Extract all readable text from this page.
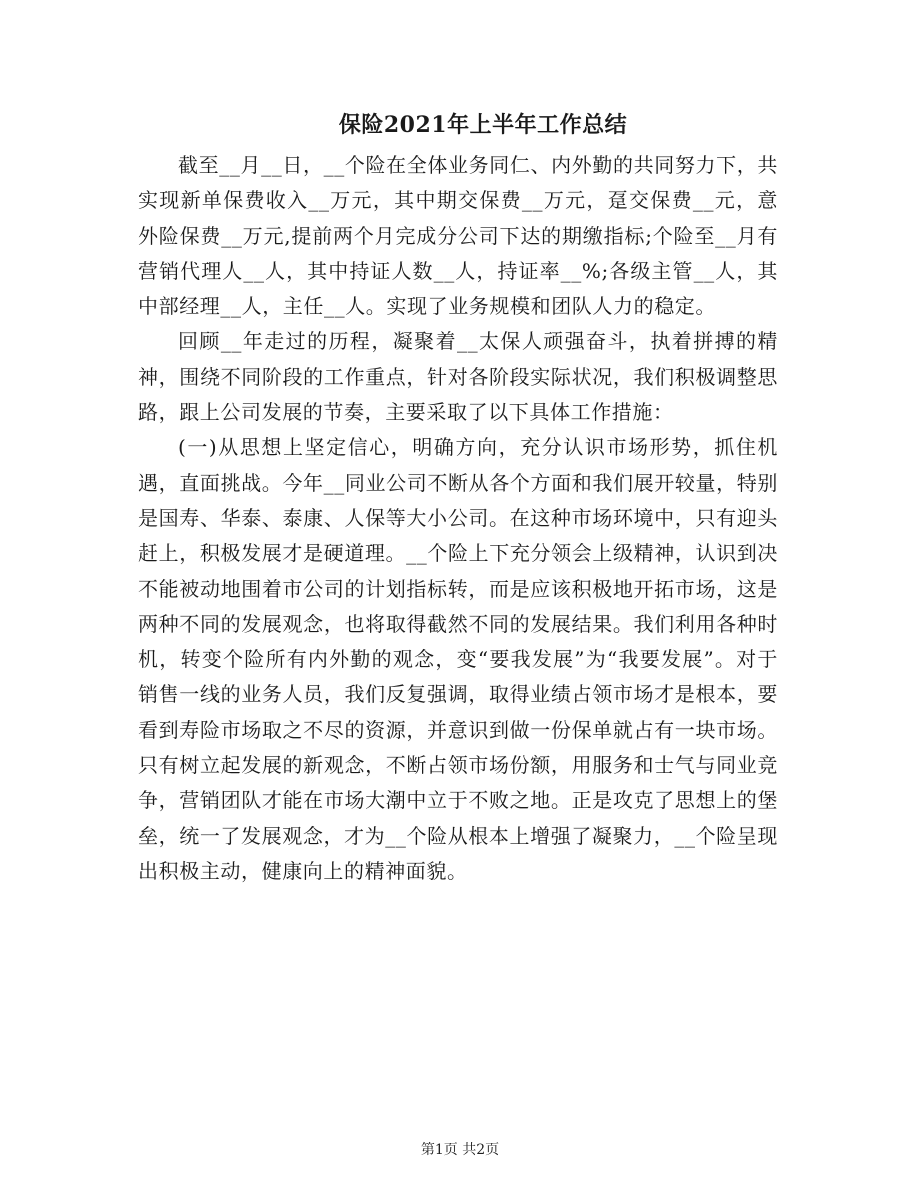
保险2021年上半年工作总结

截至__月__日，__个险在全体业务同仁、内外勤的共同努力下，共实现新单保费收入__万元，其中期交保费__万元，趸交保费__元，意外险保费__万元,提前两个月完成分公司下达的期缴指标;个险至__月有营销代理人__人，其中持证人数__人，持证率__%;各级主管__人，其中部经理__人，主任__人。实现了业务规模和团队人力的稳定。

回顾__年走过的历程，凝聚着__太保人顽强奋斗，执着拼搏的精神，围绕不同阶段的工作重点，针对各阶段实际状况，我们积极调整思路，跟上公司发展的节奏，主要采取了以下具体工作措施：

(一)从思想上坚定信心，明确方向，充分认识市场形势，抓住机遇，直面挑战。今年__同业公司不断从各个方面和我们展开较量，特别是国寿、华泰、泰康、人保等大小公司。在这种市场环境中，只有迎头赶上，积极发展才是硬道理。__个险上下充分领会上级精神，认识到决不能被动地围着市公司的计划指标转，而是应该积极地开拓市场，这是两种不同的发展观念，也将取得截然不同的发展结果。我们利用各种时机，转变个险所有内外勤的观念，变“要我发展”为“我要发展”。对于销售一线的业务人员，我们反复强调，取得业绩占领市场才是根本，要看到寿险市场取之不尽的资源，并意识到做一份保单就占有一块市场。只有树立起发展的新观念，不断占领市场份额，用服务和士气与同业竞争，营销团队才能在市场大潮中立于不败之地。正是攻克了思想上的堡垒，统一了发展观念，才为__个险从根本上增强了凝聚力，__个险呈现出积极主动，健康向上的精神面貌。

第1页 共2页
